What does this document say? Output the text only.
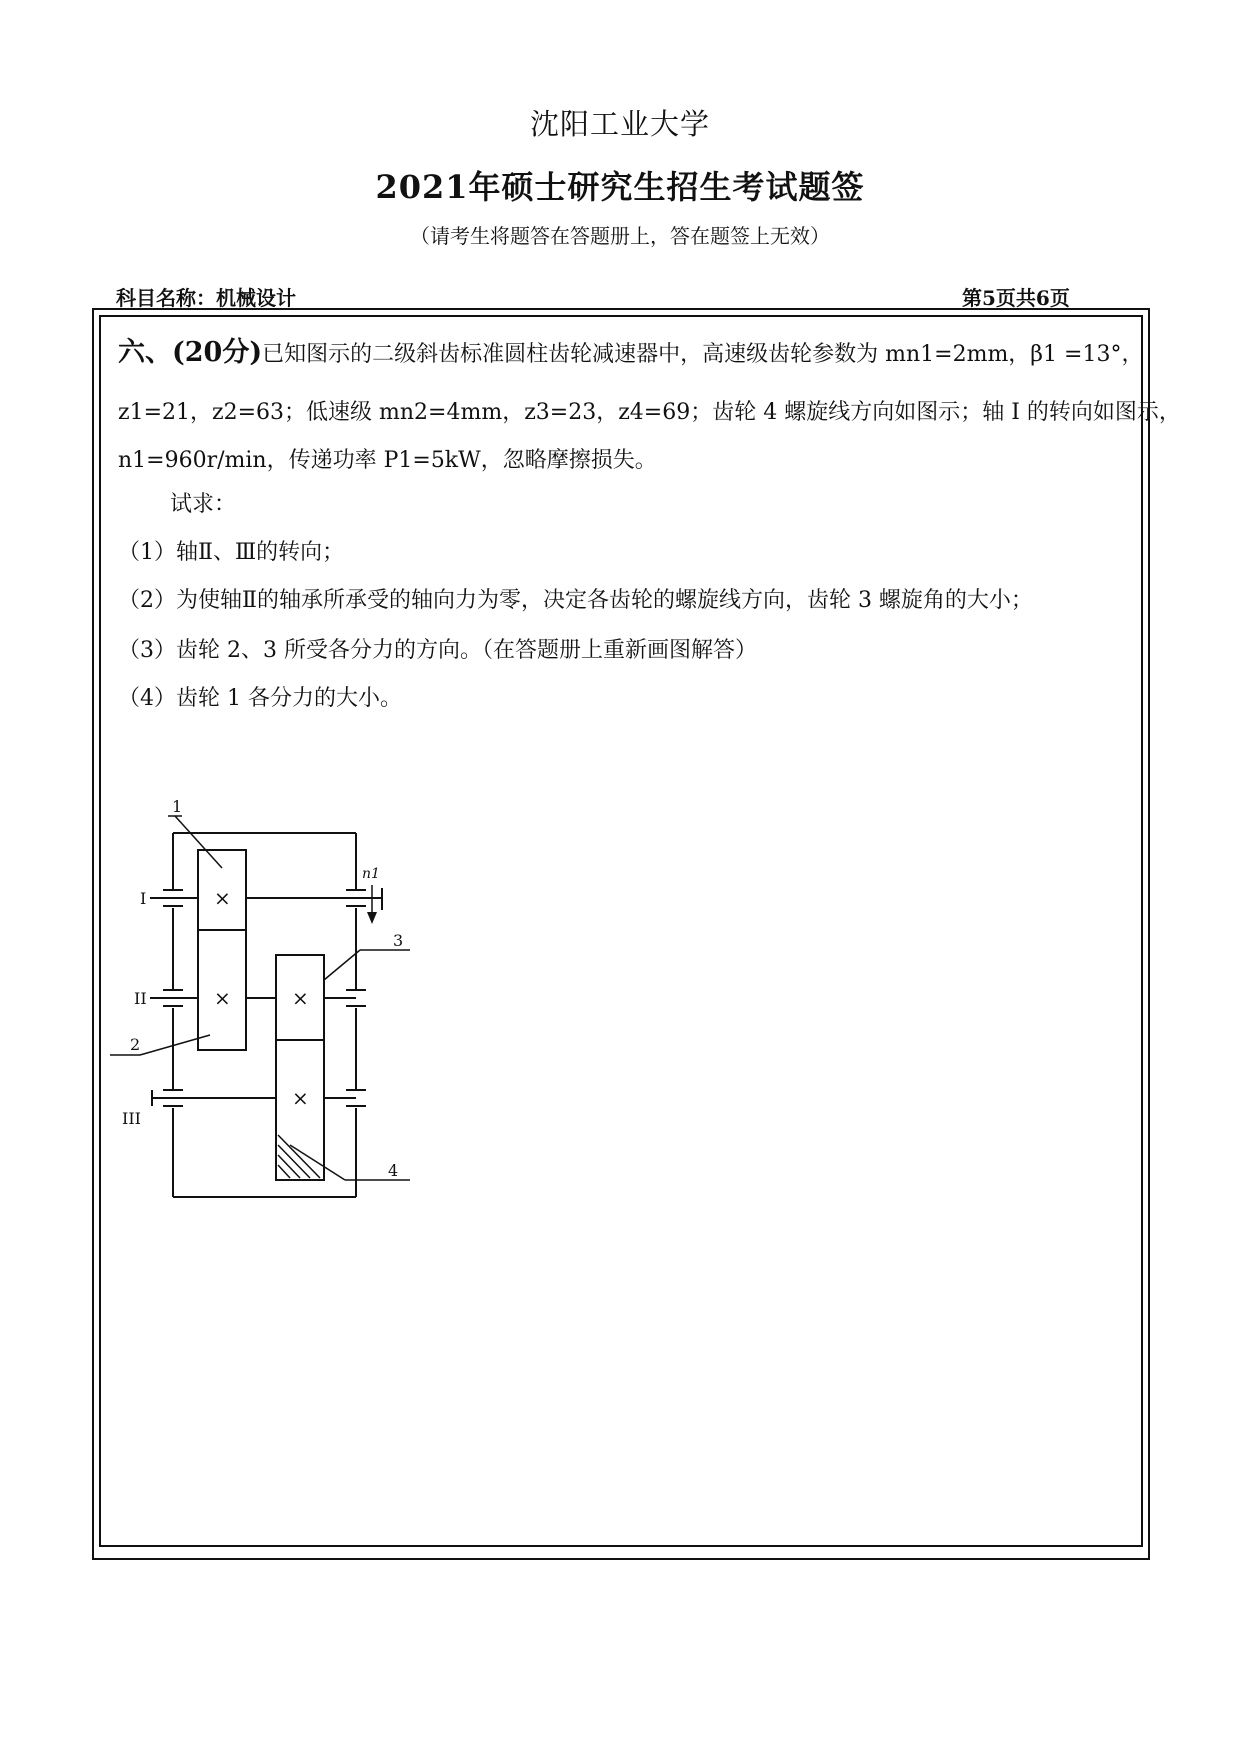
沈阳工业大学
2021年硕士研究生招生考试题签
（请考生将题答在答题册上，答在题签上无效）
科目名称：机械设计	第5页共6页
六、(20分)已知图示的二级斜齿标准圆柱齿轮减速器中，高速级齿轮参数为 mn1=2mm，β1 =13°，
z1=21，z2=63；低速级 mn2=4mm，z3=23，z4=69；齿轮 4 螺旋线方向如图示；轴 I 的转向如图示，
n1=960r/min，传递功率 P1=5kW，忽略摩擦损失。
试求：
（1）轴Ⅱ、Ⅲ的转向；
（2）为使轴Ⅱ的轴承所承受的轴向力为零，决定各齿轮的螺旋线方向，齿轮 3 螺旋角的大小；
（3）齿轮 2、3 所受各分力的方向。（在答题册上重新画图解答）
（4）齿轮 1 各分力的大小。
1
2
3
4
I
II
III
n1
×
×	×
×
